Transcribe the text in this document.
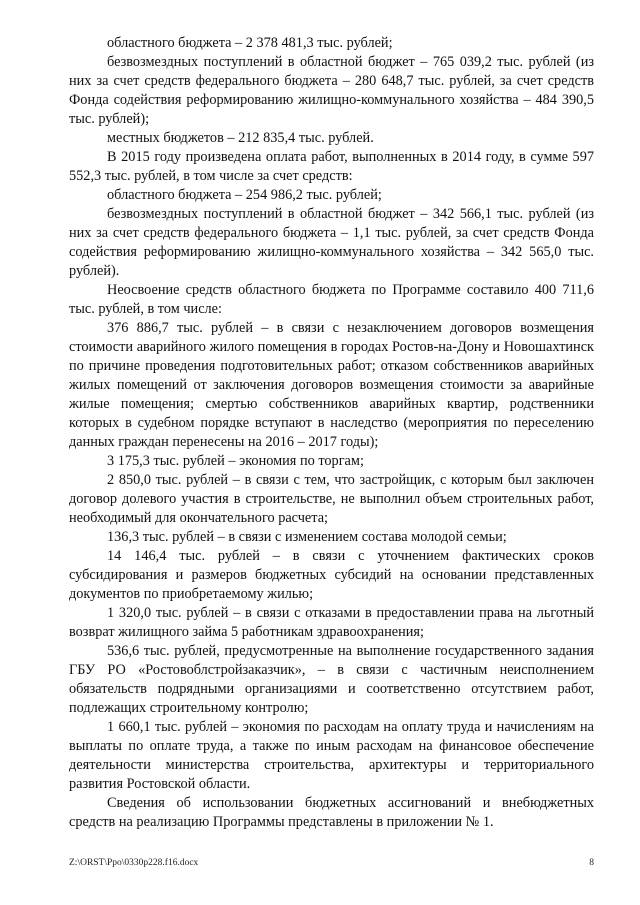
областного бюджета – 2 378 481,3 тыс. рублей;

безвозмездных поступлений в областной бюджет – 765 039,2 тыс. рублей (из них за счет средств федерального бюджета – 280 648,7 тыс. рублей, за счет средств Фонда содействия реформированию жилищно-коммунального хозяйства – 484 390,5 тыс. рублей);

местных бюджетов – 212 835,4 тыс. рублей.

В 2015 году произведена оплата работ, выполненных в 2014 году, в сумме 597 552,3 тыс. рублей, в том числе за счет средств:

областного бюджета – 254 986,2 тыс. рублей;

безвозмездных поступлений в областной бюджет – 342 566,1 тыс. рублей (из них за счет средств федерального бюджета – 1,1 тыс. рублей, за счет средств Фонда содействия реформированию жилищно-коммунального хозяйства – 342 565,0 тыс. рублей).

Неосвоение средств областного бюджета по Программе составило 400 711,6 тыс. рублей, в том числе:

376 886,7 тыс. рублей – в связи с незаключением договоров возмещения стоимости аварийного жилого помещения в городах Ростов-на-Дону и Новошахтинск по причине проведения подготовительных работ; отказом собственников аварийных жилых помещений от заключения договоров возмещения стоимости за аварийные жилые помещения; смертью собственников аварийных квартир, родственники которых в судебном порядке вступают в наследство (мероприятия по переселению данных граждан перенесены на 2016 – 2017 годы);

3 175,3 тыс. рублей – экономия по торгам;

2 850,0 тыс. рублей – в связи с тем, что застройщик, с которым был заключен договор долевого участия в строительстве, не выполнил объем строительных работ, необходимый для окончательного расчета;

136,3 тыс. рублей – в связи с изменением состава молодой семьи;

14 146,4 тыс. рублей – в связи с уточнением фактических сроков субсидирования и размеров бюджетных субсидий на основании представленных документов по приобретаемому жилью;

1 320,0 тыс. рублей – в связи с отказами в предоставлении права на льготный возврат жилищного займа 5 работникам здравоохранения;

536,6 тыс. рублей, предусмотренные на выполнение государственного задания ГБУ РО «Ростовоблстройзаказчик», – в связи с частичным неисполнением обязательств подрядными организациями и соответственно отсутствием работ, подлежащих строительному контролю;

1 660,1 тыс. рублей – экономия по расходам на оплату труда и начислениям на выплаты по оплате труда, а также по иным расходам на финансовое обеспечение деятельности министерства строительства, архитектуры и территориального развития Ростовской области.

Сведения об использовании бюджетных ассигнований и внебюджетных средств на реализацию Программы представлены в приложении № 1.

Z:\ORST\Ppo\0330p228.f16.docx	8
